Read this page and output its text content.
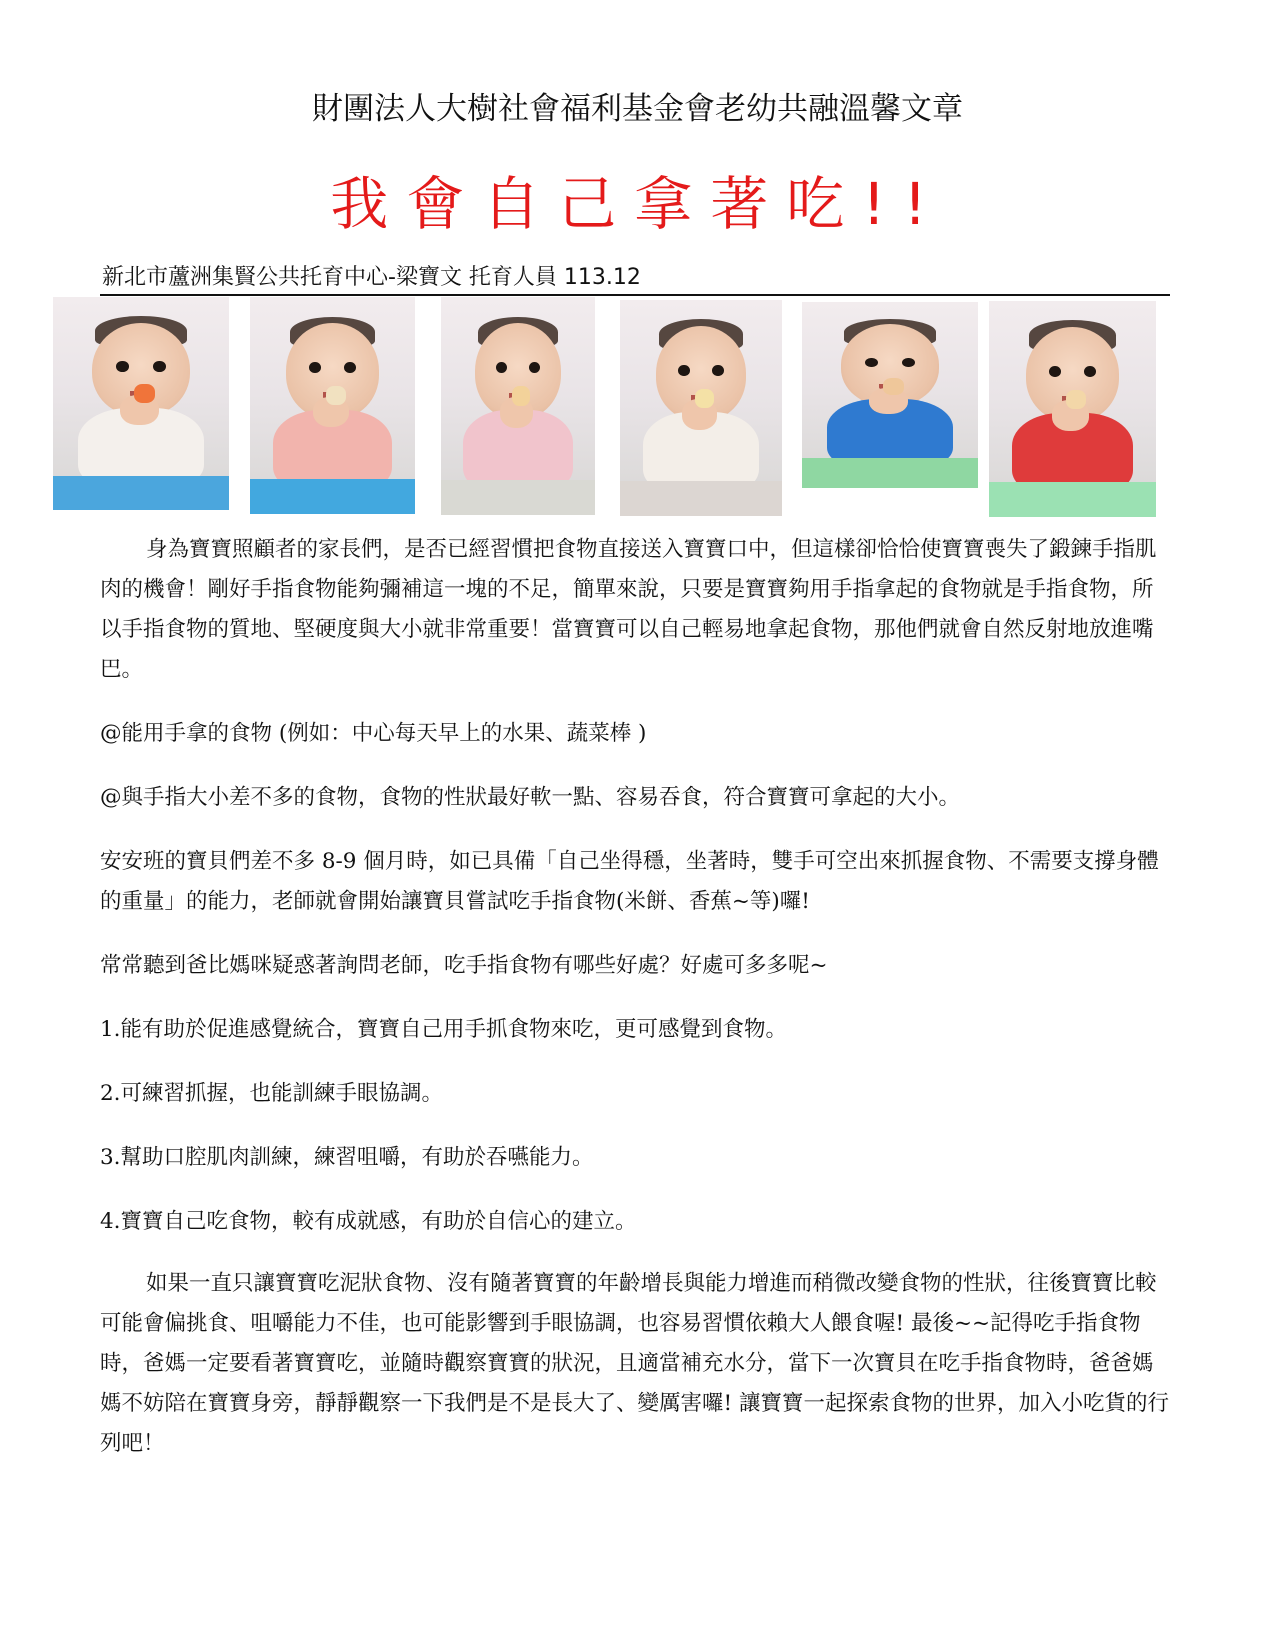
財團法人大樹社會福利基金會老幼共融溫馨文章
我會自己拿著吃!!
新北市蘆洲集賢公共托育中心-梁寶文 托育人員 113.12

身為寶寶照顧者的家長們，是否已經習慣把食物直接送入寶寶口中，但這樣卻恰恰使寶寶喪失了鍛鍊手指肌肉的機會！剛好手指食物能夠彌補這一塊的不足，簡單來說，只要是寶寶夠用手指拿起的食物就是手指食物，所以手指食物的質地、堅硬度與大小就非常重要！當寶寶可以自己輕易地拿起食物，那他們就會自然反射地放進嘴巴。

@能用手拿的食物 (例如：中心每天早上的水果、蔬菜棒 )

@與手指大小差不多的食物，食物的性狀最好軟一點、容易吞食，符合寶寶可拿起的大小。

安安班的寶貝們差不多 8-9 個月時，如已具備「自己坐得穩，坐著時，雙手可空出來抓握食物、不需要支撐身體的重量」的能力，老師就會開始讓寶貝嘗試吃手指食物(米餅、香蕉~等)囉!

常常聽到爸比媽咪疑惑著詢問老師，吃手指食物有哪些好處？好處可多多呢~

1.能有助於促進感覺統合，寶寶自己用手抓食物來吃，更可感覺到食物。

2.可練習抓握，也能訓練手眼協調。

3.幫助口腔肌肉訓練，練習咀嚼，有助於吞嚥能力。

4.寶寶自己吃食物，較有成就感，有助於自信心的建立。

如果一直只讓寶寶吃泥狀食物、沒有隨著寶寶的年齡增長與能力增進而稍微改變食物的性狀，往後寶寶比較可能會偏挑食、咀嚼能力不佳，也可能影響到手眼協調，也容易習慣依賴大人餵食喔! 最後~~記得吃手指食物時，爸媽一定要看著寶寶吃，並隨時觀察寶寶的狀況，且適當補充水分，當下一次寶貝在吃手指食物時，爸爸媽媽不妨陪在寶寶身旁，靜靜觀察一下我們是不是長大了、變厲害囉! 讓寶寶一起探索食物的世界，加入小吃貨的行列吧！
